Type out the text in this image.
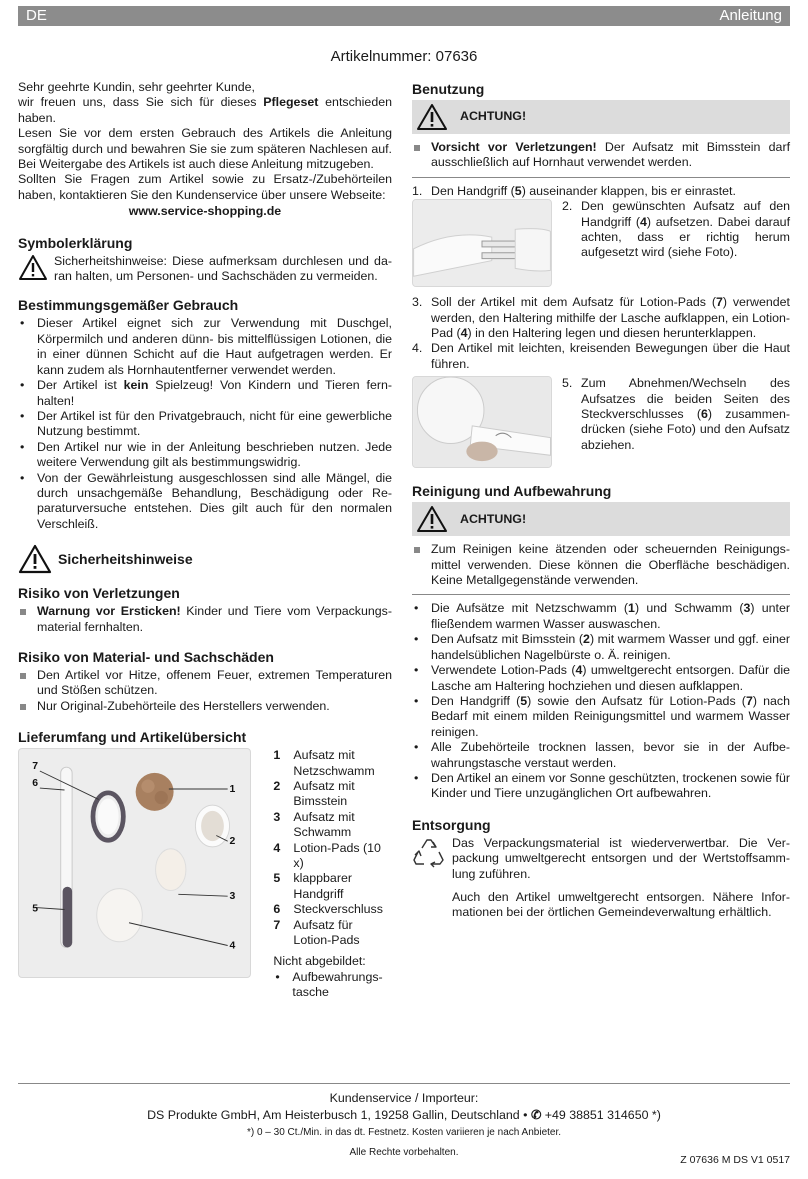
DE	Anleitung
Artikelnummer: 07636

Sehr geehrte Kundin, sehr geehrter Kunde,

wir freuen uns, dass Sie sich für dieses Pflegeset entschieden haben.

Lesen Sie vor dem ersten Gebrauch des Artikels die Anleitung sorgfältig durch und bewahren Sie sie zum späteren Nachlesen auf. Bei Weitergabe des Artikels ist auch diese Anleitung mitzugeben.

Sollten Sie Fragen zum Artikel sowie zu Ersatz-/Zubehörteilen haben, kontaktieren Sie den Kundenservice über unsere Webseite:

www.service-shopping.de

Symbolerklärung

Sicherheitshinweise: Diese aufmerksam durchlesen und daran halten, um Personen- und Sachschäden zu vermeiden.

Bestimmungsgemäßer Gebrauch
• Dieser Artikel eignet sich zur Verwendung mit Duschgel, Körpermilch und anderen dünn- bis mittelflüssigen Lotionen, die in einer dünnen Schicht auf die Haut aufgetragen werden. Er kann zudem als Hornhautentferner verwendet werden.
• Der Artikel ist kein Spielzeug! Von Kindern und Tieren fernhalten!
• Der Artikel ist für den Privatgebrauch, nicht für eine gewerbliche Nutzung bestimmt.
• Den Artikel nur wie in der Anleitung beschrieben nutzen. Jede weitere Verwendung gilt als bestimmungswidrig.
• Von der Gewährleistung ausgeschlossen sind alle Mängel, die durch unsachgemäße Behandlung, Beschädigung oder Reparaturversuche entstehen. Dies gilt auch für den normalen Verschleiß.
Sicherheitshinweise
Risiko von Verletzungen
Warnung vor Ersticken! Kinder und Tiere vom Verpackungsmaterial fernhalten.
Risiko von Material- und Sachschäden
Den Artikel vor Hitze, offenem Feuer, extremen Temperaturen und Stößen schützen.
Nur Original-Zubehörteile des Herstellers verwenden.
Lieferumfang und Artikelübersicht
7
6
1
2
3
5
4
1 Aufsatz mit Netzschwamm
2 Aufsatz mit Bimsstein
3 Aufsatz mit Schwamm
4 Lotion-Pads (10 x)
5 klappbarer Handgriff
6 Steckverschluss
7 Aufsatz für Lotion-Pads
Nicht abgebildet:
• Aufbewahrungstasche
Benutzung
ACHTUNG!
Vorsicht vor Verletzungen! Der Aufsatz mit Bimsstein darf ausschließlich auf Hornhaut verwendet werden.
1. Den Handgriff (5) auseinander klappen, bis er einrastet.
2. Den gewünschten Aufsatz auf den Handgriff (4) aufsetzen. Dabei darauf achten, dass er richtig herum aufgesetzt wird (siehe Foto).
3. Soll der Artikel mit dem Aufsatz für Lotion-Pads (7) verwendet werden, den Haltering mithilfe der Lasche aufklappen, ein Lotion-Pad (4) in den Haltering legen und diesen herunterklappen.
4. Den Artikel mit leichten, kreisenden Bewegungen über die Haut führen.
5. Zum Abnehmen/Wechseln des Aufsatzes die beiden Seiten des Steckverschlusses (6) zusammendrücken (siehe Foto) und den Aufsatz abziehen.
Reinigung und Aufbewahrung
ACHTUNG!
Zum Reinigen keine ätzenden oder scheuernden Reinigungsmittel verwenden. Diese können die Oberfläche beschädigen. Keine Metallgegenstände verwenden.
• Die Aufsätze mit Netzschwamm (1) und Schwamm (3) unter fließendem warmen Wasser auswaschen.
• Den Aufsatz mit Bimsstein (2) mit warmem Wasser und ggf. einer handelsüblichen Nagelbürste o. Ä. reinigen.
• Verwendete Lotion-Pads (4) umweltgerecht entsorgen. Dafür die Lasche am Haltering hochziehen und diesen aufklappen.
• Den Handgriff (5) sowie den Aufsatz für Lotion-Pads (7) nach Bedarf mit einem milden Reinigungsmittel und warmem Wasser reinigen.
• Alle Zubehörteile trocknen lassen, bevor sie in der Aufbewahrungstasche verstaut werden.
• Den Artikel an einem vor Sonne geschützten, trockenen sowie für Kinder und Tiere unzugänglichen Ort aufbewahren.
Entsorgung

Das Verpackungsmaterial ist wiederverwertbar. Die Verpackung umweltgerecht entsorgen und der Wertstoffsammlung zuführen.

Auch den Artikel umweltgerecht entsorgen. Nähere Informationen bei der örtlichen Gemeindeverwaltung erhältlich.

Kundenservice / Importeur:
DS Produkte GmbH, Am Heisterbusch 1, 19258 Gallin, Deutschland • ✆ +49 38851 314650 *)
*) 0 – 30 Ct./Min. in das dt. Festnetz. Kosten variieren je nach Anbieter.
Alle Rechte vorbehalten.
Z 07636 M DS V1 0517
